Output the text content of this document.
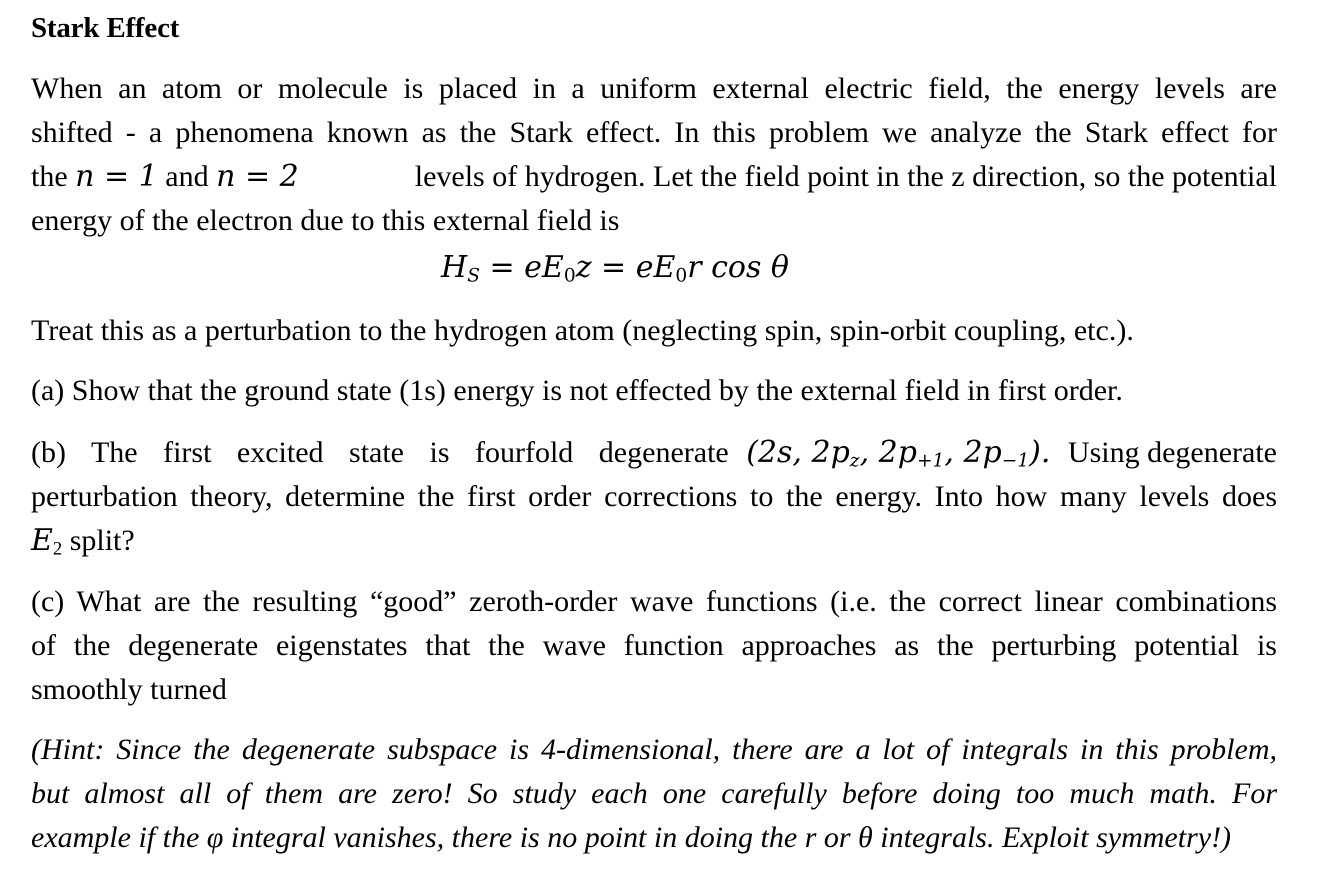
Stark Effect
When an atom or molecule is placed in a uniform external electric field, the energy levels are
shifted - a phenomena known as the Stark effect. In this problem we analyze the Stark effect for
the n = 1 and n = 2	levels of hydrogen. Let the field point in the z direction, so the potential
energy of the electron due to this external field is
$H_S = eE_0z = eE_0r$ cos θ
Treat this as a perturbation to the hydrogen atom (neglecting spin, spin-orbit coupling, etc.).
(a) Show that the ground state (1s) energy is not effected by the external field in first order.
(b) The first excited state is fourfold degenerate (2s, $2p_z$, $2p_{+1}$, $2p_{-1}$). Using degenerate
perturbation theory, determine the first order corrections to the energy. Into how many levels does
$E_2$ split?
(c) What are the resulting “good” zeroth-order wave functions (i.e. the correct linear combinations
of the degenerate eigenstates that the wave function approaches as the perturbing potential is
smoothly turned
(Hint: Since the degenerate subspace is 4-dimensional, there are a lot of integrals in this problem,
but almost all of them are zero! So study each one carefully before doing too much math. For
example if the φ integral vanishes, there is no point in doing the r or θ integrals. Exploit symmetry!)
